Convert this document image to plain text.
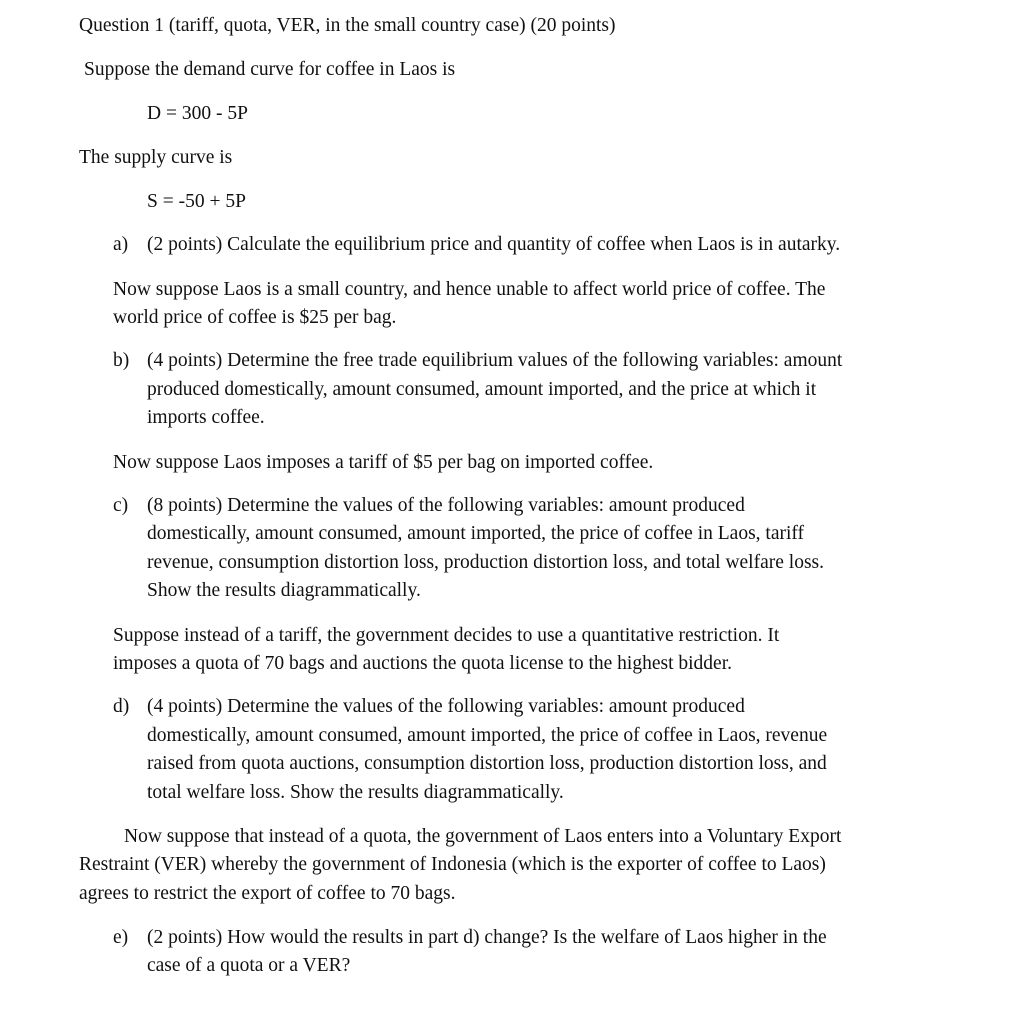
Question 1 (tariff, quota, VER, in the small country case) (20 points)
Suppose the demand curve for coffee in Laos is
D = 300 - 5P
The supply curve is
S = -50 + 5P
a) (2 points) Calculate the equilibrium price and quantity of coffee when Laos is in autarky.
Now suppose Laos is a small country, and hence unable to affect world price of coffee. The
world price of coffee is $25 per bag.
b) (4 points) Determine the free trade equilibrium values of the following variables: amount
produced domestically, amount consumed, amount imported, and the price at which it
imports coffee.
Now suppose Laos imposes a tariff of $5 per bag on imported coffee.
c) (8 points) Determine the values of the following variables: amount produced
domestically, amount consumed, amount imported, the price of coffee in Laos, tariff
revenue, consumption distortion loss, production distortion loss, and total welfare loss.
Show the results diagrammatically.
Suppose instead of a tariff, the government decides to use a quantitative restriction. It
imposes a quota of 70 bags and auctions the quota license to the highest bidder.
d) (4 points) Determine the values of the following variables: amount produced
domestically, amount consumed, amount imported, the price of coffee in Laos, revenue
raised from quota auctions, consumption distortion loss, production distortion loss, and
total welfare loss. Show the results diagrammatically.
Now suppose that instead of a quota, the government of Laos enters into a Voluntary Export
Restraint (VER) whereby the government of Indonesia (which is the exporter of coffee to Laos)
agrees to restrict the export of coffee to 70 bags.
e) (2 points) How would the results in part d) change? Is the welfare of Laos higher in the
case of a quota or a VER?
